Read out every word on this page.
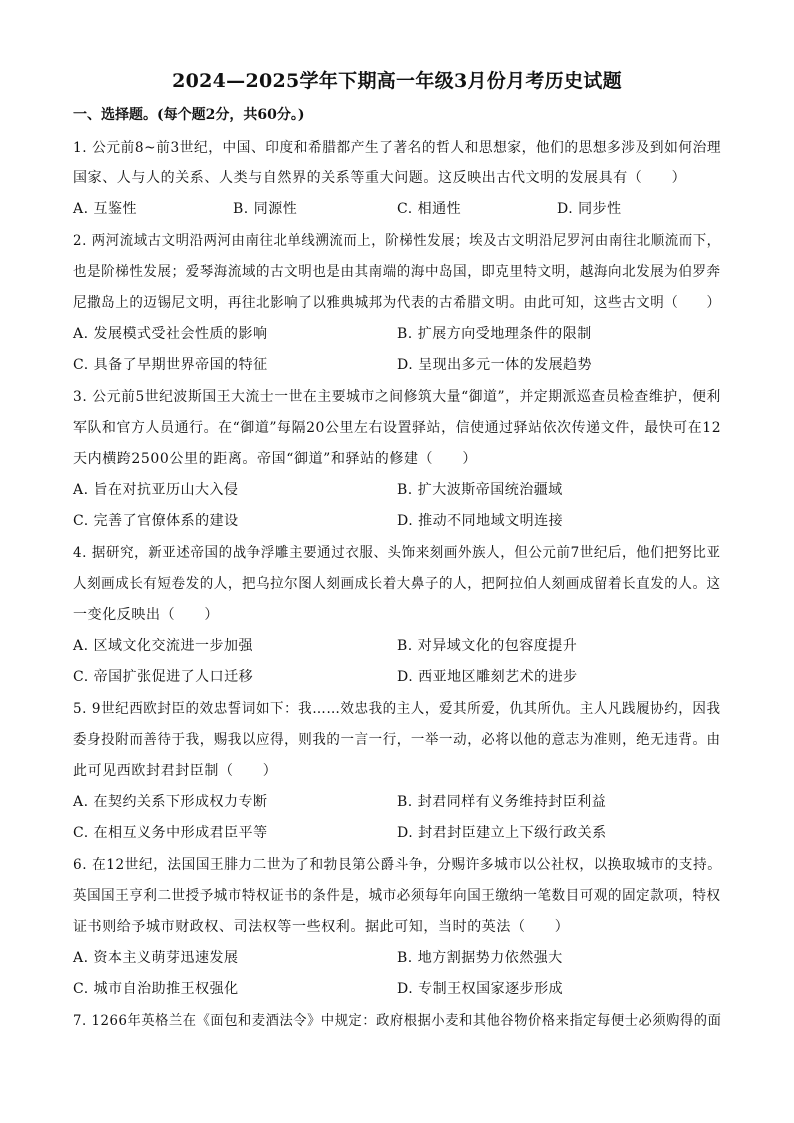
2024—2025学年下期高一年级3月份月考历史试题
一、选择题。(每个题2分，共60分。)
1. 公元前8~前3世纪，中国、印度和希腊都产生了著名的哲人和思想家，他们的思想多涉及到如何治理
国家、人与人的关系、人类与自然界的关系等重大问题。这反映出古代文明的发展具有（　　）
A. 互鉴性	B. 同源性	C. 相通性	D. 同步性
2. 两河流域古文明沿两河由南往北单线溯流而上，阶梯性发展；埃及古文明沿尼罗河由南往北顺流而下，
也是阶梯性发展；爱琴海流域的古文明也是由其南端的海中岛国，即克里特文明，越海向北发展为伯罗奔
尼撒岛上的迈锡尼文明，再往北影响了以雅典城邦为代表的古希腊文明。由此可知，这些古文明（　　）
A. 发展模式受社会性质的影响	B. 扩展方向受地理条件的限制
C. 具备了早期世界帝国的特征	D. 呈现出多元一体的发展趋势
3. 公元前5世纪波斯国王大流士一世在主要城市之间修筑大量“御道”，并定期派巡查员检查维护，便利
军队和官方人员通行。在“御道”每隔20公里左右设置驿站，信使通过驿站依次传递文件，最快可在12
天内横跨2500公里的距离。帝国“御道”和驿站的修建（　　）
A. 旨在对抗亚历山大入侵	B. 扩大波斯帝国统治疆域
C. 完善了官僚体系的建设	D. 推动不同地域文明连接
4. 据研究，新亚述帝国的战争浮雕主要通过衣服、头饰来刻画外族人，但公元前7世纪后，他们把努比亚
人刻画成长有短卷发的人，把乌拉尔图人刻画成长着大鼻子的人，把阿拉伯人刻画成留着长直发的人。这
一变化反映出（　　）
A. 区域文化交流进一步加强	B. 对异域文化的包容度提升
C. 帝国扩张促进了人口迁移	D. 西亚地区雕刻艺术的进步
5. 9世纪西欧封臣的效忠誓词如下：我……效忠我的主人，爱其所爱，仇其所仇。主人凡践履协约，因我
委身投附而善待于我，赐我以应得，则我的一言一行，一举一动，必将以他的意志为准则，绝无违背。由
此可见西欧封君封臣制（　　）
A. 在契约关系下形成权力专断	B. 封君同样有义务维持封臣利益
C. 在相互义务中形成君臣平等	D. 封君封臣建立上下级行政关系
6. 在12世纪，法国国王腓力二世为了和勃艮第公爵斗争，分赐许多城市以公社权，以换取城市的支持。
英国国王亨利二世授予城市特权证书的条件是，城市必须每年向国王缴纳一笔数目可观的固定款项，特权
证书则给予城市财政权、司法权等一些权利。据此可知，当时的英法（　　）
A. 资本主义萌芽迅速发展	B. 地方割据势力依然强大
C. 城市自治助推王权强化	D. 专制王权国家逐步形成
7. 1266年英格兰在《面包和麦酒法令》中规定：政府根据小麦和其他谷物价格来指定每便士必须购得的面
